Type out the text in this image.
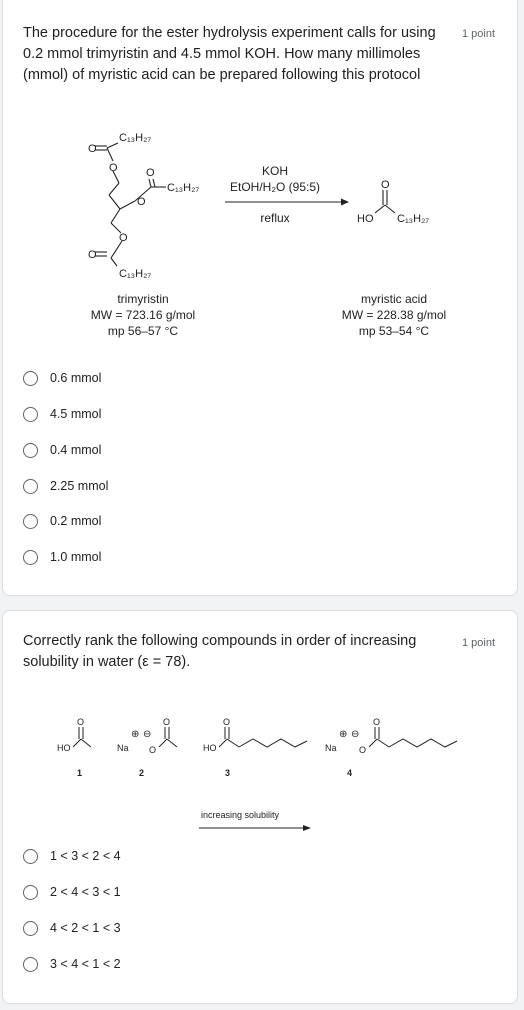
The procedure for the ester hydrolysis experiment calls for using 0.2 mmol trimyristin and 4.5 mmol KOH. How many millimoles (mmol) of myristic acid can be prepared following this protocol
1 point
C₁₃H₂₇
O
O	O
C₁₃H₂₇
O
O
O
C₁₃H₂₇
KOH
EtOH/H₂O (95:5)
reflux
O
HO C₁₃H₂₇
trimyristin
MW = 723.16 g/mol
mp 56–57 °C
myristic acid
MW = 228.38 g/mol
mp 53–54 °C
0.6 mmol
4.5 mmol
0.4 mmol
2.25 mmol
0.2 mmol
1.0 mmol
Correctly rank the following compounds in order of increasing solubility in water (ε = 78).
1 point
O
HO
1
⊕ ⊖
O
Na O
2
O
HO
3
⊕ ⊖
O
Na O
4
increasing solubility
1 < 3 < 2 < 4
2 < 4 < 3 < 1
4 < 2 < 1 < 3
3 < 4 < 1 < 2
